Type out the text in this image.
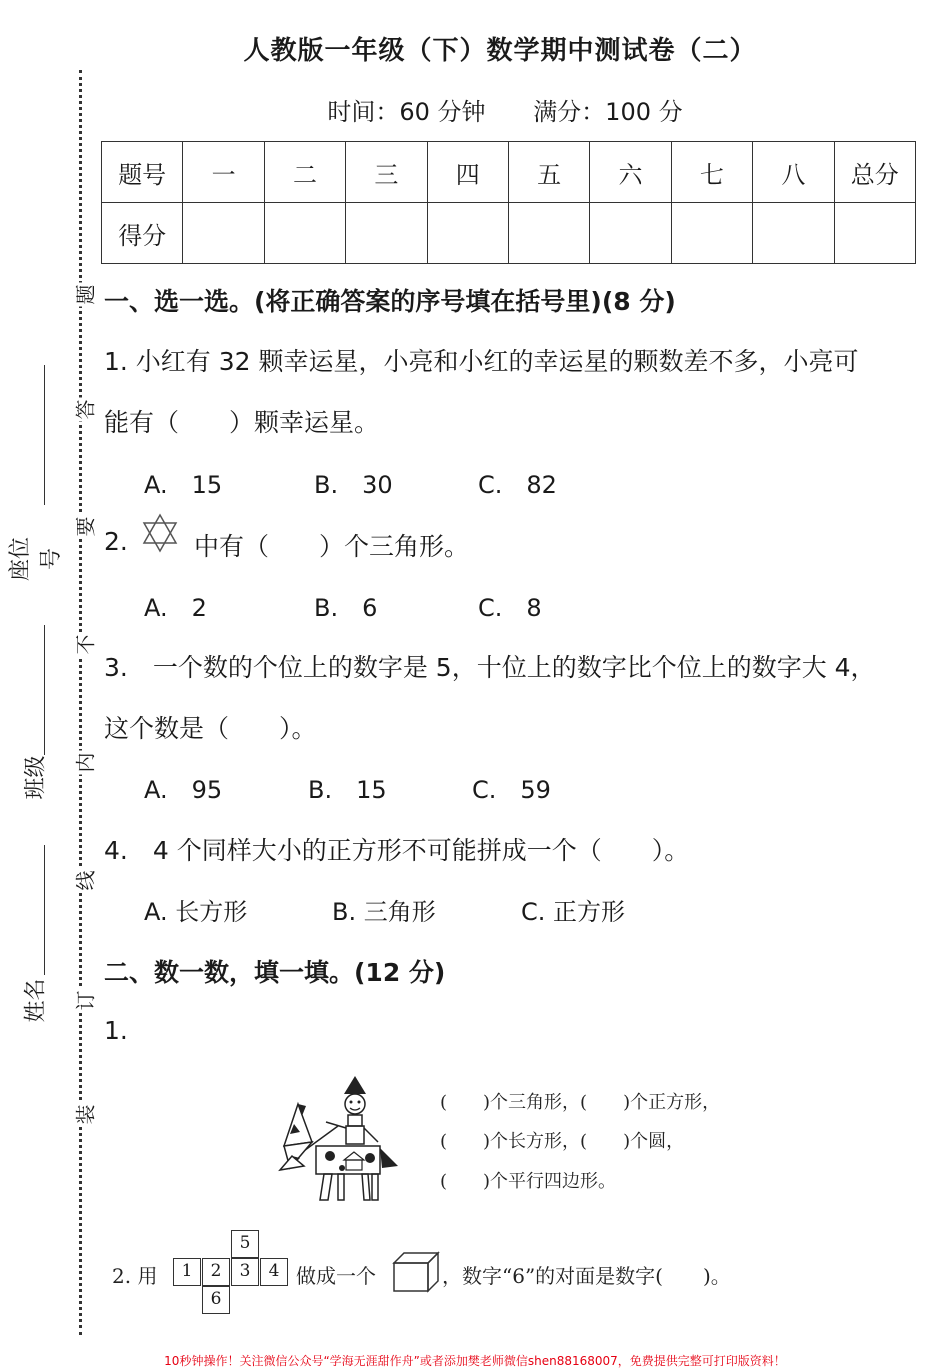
人教版一年级（下）数学期中测试卷（二）
时间：60 分钟 满分：100 分
题号	一	二	三	四	五	六	七	八	总分
得分									
题
答
要
不
内
线
订
装
座位号
班级
姓名
一、选一选。(将正确答案的序号填在括号里)(8 分)
1. 小红有 32 颗幸运星，小亮和小红的幸运星的颗数差不多，小亮可
能有（　　）颗幸运星。
A.　15	B.　30	C.　82
2.	中有（　　）个三角形。
A.　2	B.　6	C.　8
3.　一个数的个位上的数字是 5，十位上的数字比个位上的数字大 4，
这个数是（　　）。
A.　95	B.　15	C.　59
4.　4 个同样大小的正方形不可能拼成一个（　　）。
A. 长方形	B. 三角形	C. 正方形
二、数一数，填一填。(12 分)
1.
(　　)个三角形，(　　)个正方形，
(　　)个长方形，(　　)个圆，
(　　)个平行四边形。
2. 用
5
1	2	3	4
6
做成一个	，数字“6”的对面是数字(　　)。
10秒钟操作！关注微信公众号“学海无涯甜作舟”或者添加樊老师微信shen88168007，免费提供完整可打印版资料！
